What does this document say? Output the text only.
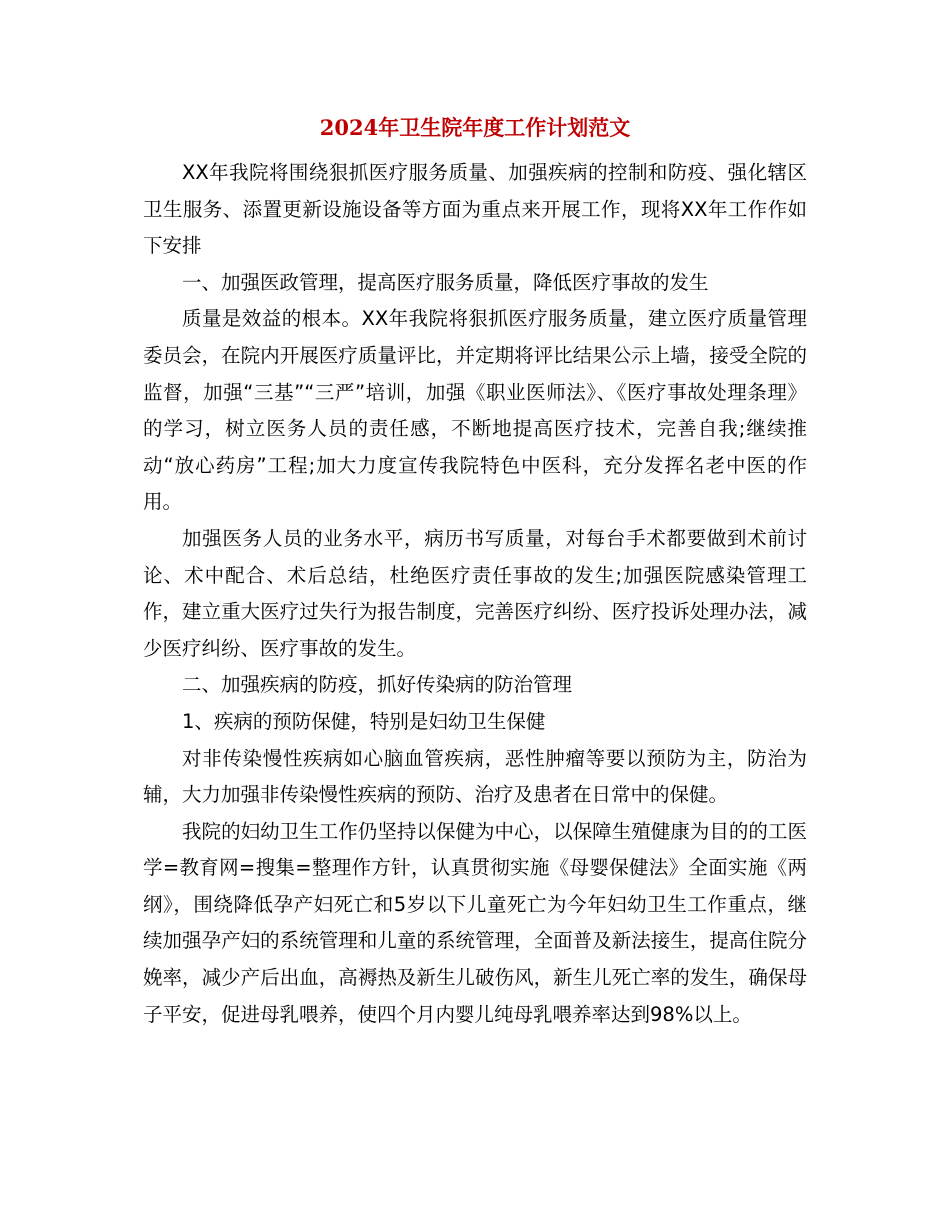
2024年卫生院年度工作计划范文

XX年我院将围绕狠抓医疗服务质量、加强疾病的控制和防疫、强化辖区卫生服务、添置更新设施设备等方面为重点来开展工作，现将XX年工作作如下安排

一、加强医政管理，提高医疗服务质量，降低医疗事故的发生

质量是效益的根本。XX年我院将狠抓医疗服务质量，建立医疗质量管理委员会，在院内开展医疗质量评比，并定期将评比结果公示上墙，接受全院的监督，加强“三基”“三严”培训，加强《职业医师法》、《医疗事故处理条理》的学习，树立医务人员的责任感，不断地提高医疗技术，完善自我;继续推动“放心药房”工程;加大力度宣传我院特色中医科，充分发挥名老中医的作用。

加强医务人员的业务水平，病历书写质量，对每台手术都要做到术前讨论、术中配合、术后总结，杜绝医疗责任事故的发生;加强医院感染管理工作，建立重大医疗过失行为报告制度，完善医疗纠纷、医疗投诉处理办法，减少医疗纠纷、医疗事故的发生。

二、加强疾病的防疫，抓好传染病的防治管理

1、疾病的预防保健，特别是妇幼卫生保健

对非传染慢性疾病如心脑血管疾病，恶性肿瘤等要以预防为主，防治为辅，大力加强非传染慢性疾病的预防、治疗及患者在日常中的保健。

我院的妇幼卫生工作仍坚持以保健为中心，以保障生殖健康为目的的工医学=教育网=搜集=整理作方针，认真贯彻实施《母婴保健法》全面实施《两纲》，围绕降低孕产妇死亡和5岁以下儿童死亡为今年妇幼卫生工作重点，继续加强孕产妇的系统管理和儿童的系统管理，全面普及新法接生，提高住院分娩率，减少产后出血，高褥热及新生儿破伤风，新生儿死亡率的发生，确保母子平安，促进母乳喂养，使四个月内婴儿纯母乳喂养率达到98%以上。
